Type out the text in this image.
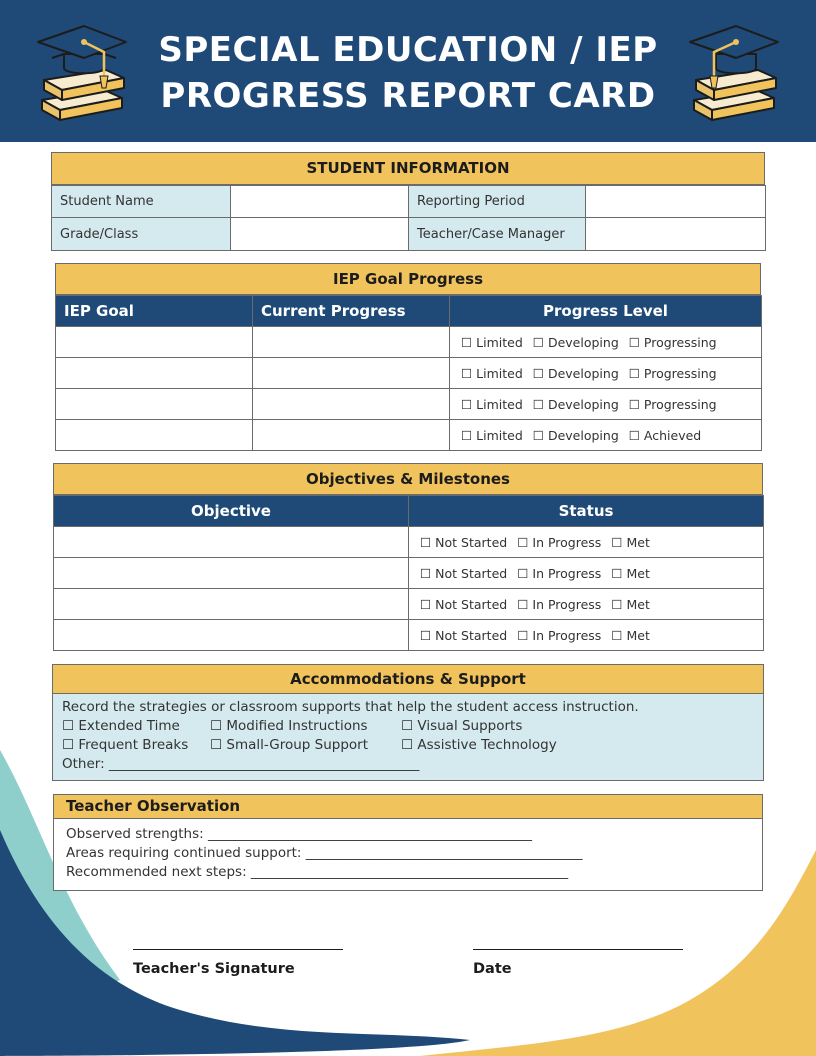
SPECIAL EDUCATION / IEP
PROGRESS REPORT CARD
STUDENT INFORMATION
Student Name		Reporting Period	
Grade/Class		Teacher/Case Manager	
IEP Goal Progress
IEP Goal	Current Progress	Progress Level
		☐ Limited ☐ Developing ☐ Progressing
		☐ Limited ☐ Developing ☐ Progressing
		☐ Limited ☐ Developing ☐ Progressing
		☐ Limited ☐ Developing ☐ Achieved
Objectives & Milestones
Objective	Status
	☐ Not Started ☐ In Progress ☐ Met
	☐ Not Started ☐ In Progress ☐ Met
	☐ Not Started ☐ In Progress ☐ Met
	☐ Not Started ☐ In Progress ☐ Met
Accommodations & Support
Record the strategies or classroom supports that help the student access instruction.
☐ Extended Time	☐ Modified Instructions	☐ Visual Supports
☐ Frequent Breaks	☐ Small-Group Support	☐ Assistive Technology
Other: ______________________________________________
Teacher Observation
Observed strengths: ________________________________________________
Areas requiring continued support: _________________________________________
Recommended next steps: _______________________________________________
Teacher's Signature	Date
